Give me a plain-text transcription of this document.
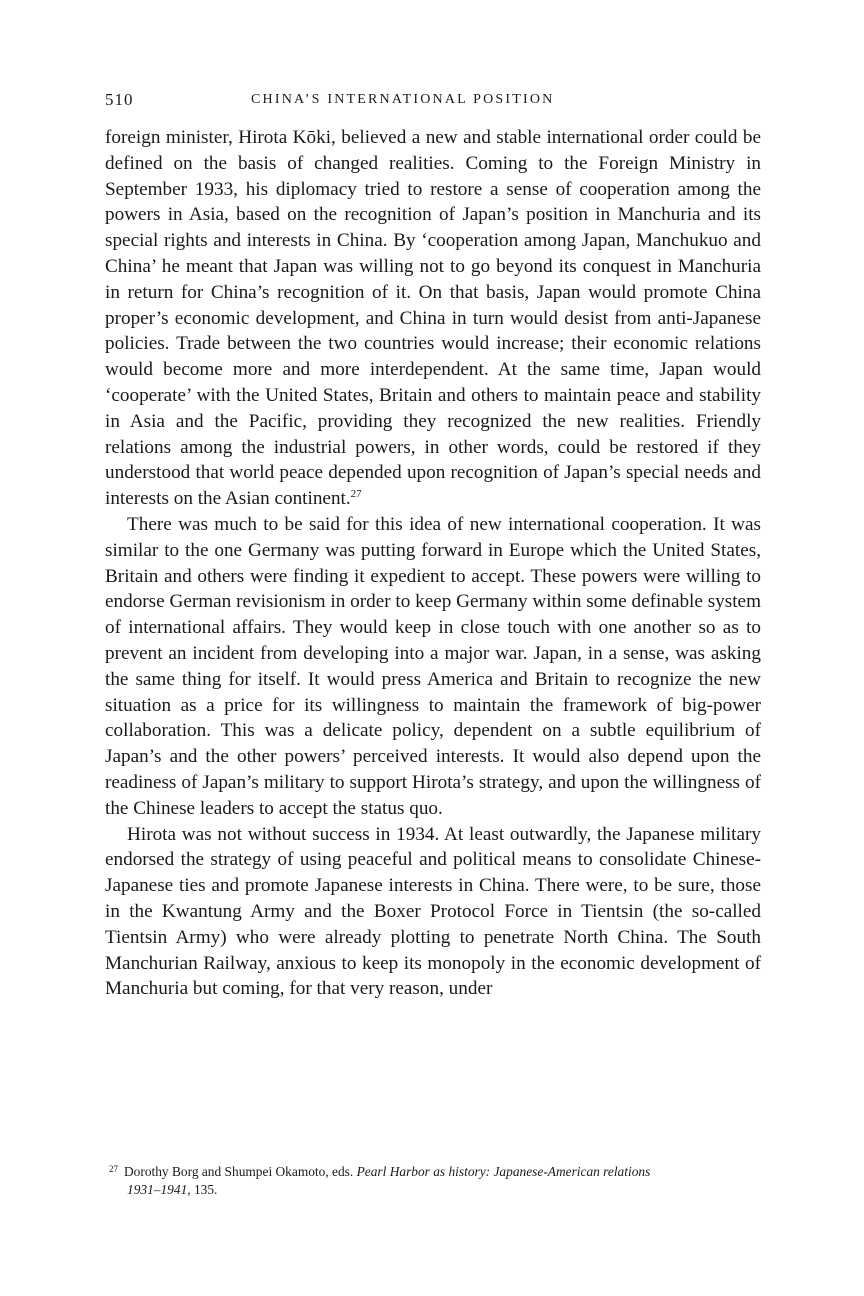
510	CHINA’S INTERNATIONAL POSITION

foreign minister, Hirota Kōki, believed a new and stable international order could be defined on the basis of changed realities. Coming to the Foreign Ministry in September 1933, his diplomacy tried to restore a sense of cooperation among the powers in Asia, based on the recognition of Japan’s position in Manchuria and its special rights and interests in China. By ‘cooperation among Japan, Manchukuo and China’ he meant that Japan was willing not to go beyond its conquest in Manchuria in return for China’s recognition of it. On that basis, Japan would promote China proper’s economic development, and China in turn would desist from anti-Japanese policies. Trade between the two countries would increase; their economic relations would become more and more interdependent. At the same time, Japan would ‘cooperate’ with the United States, Britain and others to maintain peace and stability in Asia and the Pacific, providing they recognized the new realities. Friendly relations among the industrial powers, in other words, could be restored if they understood that world peace depended upon recognition of Japan’s special needs and interests on the Asian continent.$^{27}$

There was much to be said for this idea of new international cooperation. It was similar to the one Germany was putting forward in Europe which the United States, Britain and others were finding it expedient to accept. These powers were willing to endorse German revisionism in order to keep Germany within some definable system of international affairs. They would keep in close touch with one another so as to prevent an incident from developing into a major war. Japan, in a sense, was asking the same thing for itself. It would press America and Britain to recognize the new situation as a price for its willingness to maintain the framework of big-power collaboration. This was a delicate policy, dependent on a subtle equilibrium of Japan’s and the other powers’ perceived interests. It would also depend upon the readiness of Japan’s military to support Hirota’s strategy, and upon the willingness of the Chinese leaders to accept the status quo.

Hirota was not without success in 1934. At least outwardly, the Japanese military endorsed the strategy of using peaceful and political means to consolidate Chinese-Japanese ties and promote Japanese interests in China. There were, to be sure, those in the Kwantung Army and the Boxer Protocol Force in Tientsin (the so-called Tientsin Army) who were already plotting to penetrate North China. The South Manchurian Railway, anxious to keep its monopoly in the economic development of Manchuria but coming, for that very reason, under

$^{27}$ Dorothy Borg and Shumpei Okamoto, eds. Pearl Harbor as history: Japanese-American relations
1931–1941, 135.
